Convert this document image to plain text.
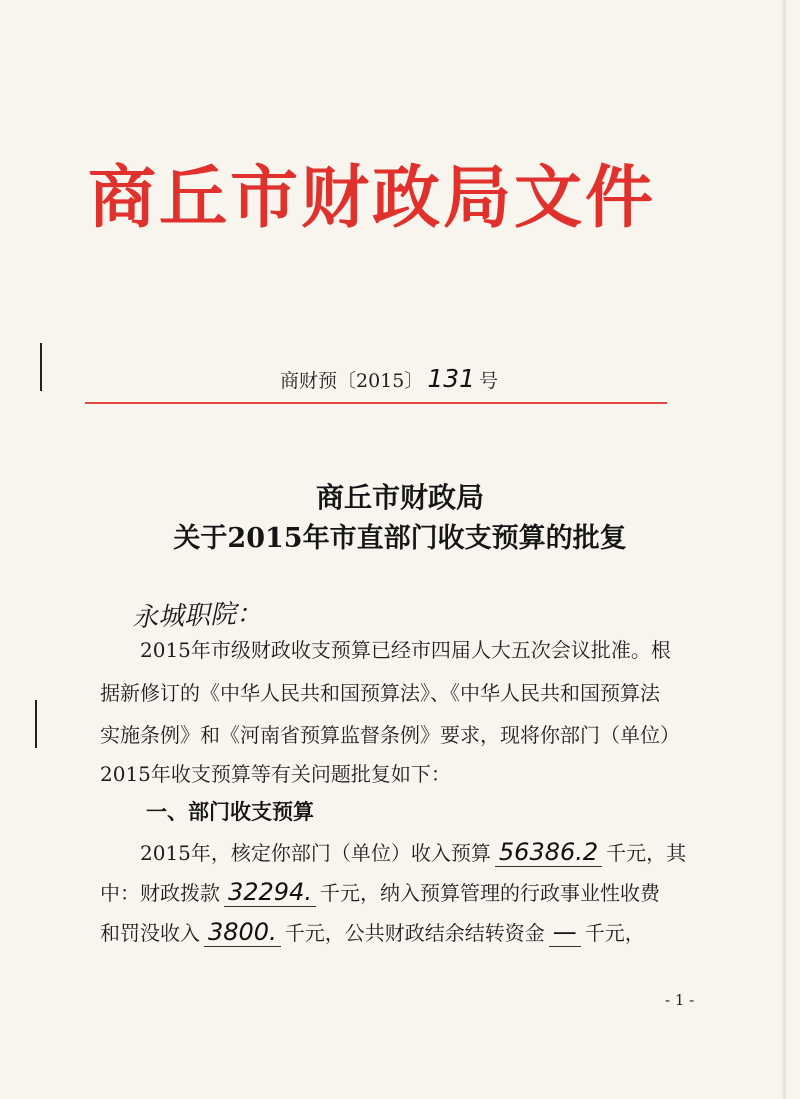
商丘市财政局文件
商财预〔2015〕 131 号
商丘市财政局
关于2015年市直部门收支预算的批复
永城职院：
2015年市级财政收支预算已经市四届人大五次会议批准。根
据新修订的《中华人民共和国预算法》、《中华人民共和国预算法
实施条例》和《河南省预算监督条例》要求，现将你部门（单位）
2015年收支预算等有关问题批复如下：
一、部门收支预算
2015年，核定你部门（单位）收入预算 56386.2 千元，其
中：财政拨款 32294. 千元，纳入预算管理的行政事业性收费
和罚没收入 3800. 千元，公共财政结余结转资金 — 千元，
- 1 -
